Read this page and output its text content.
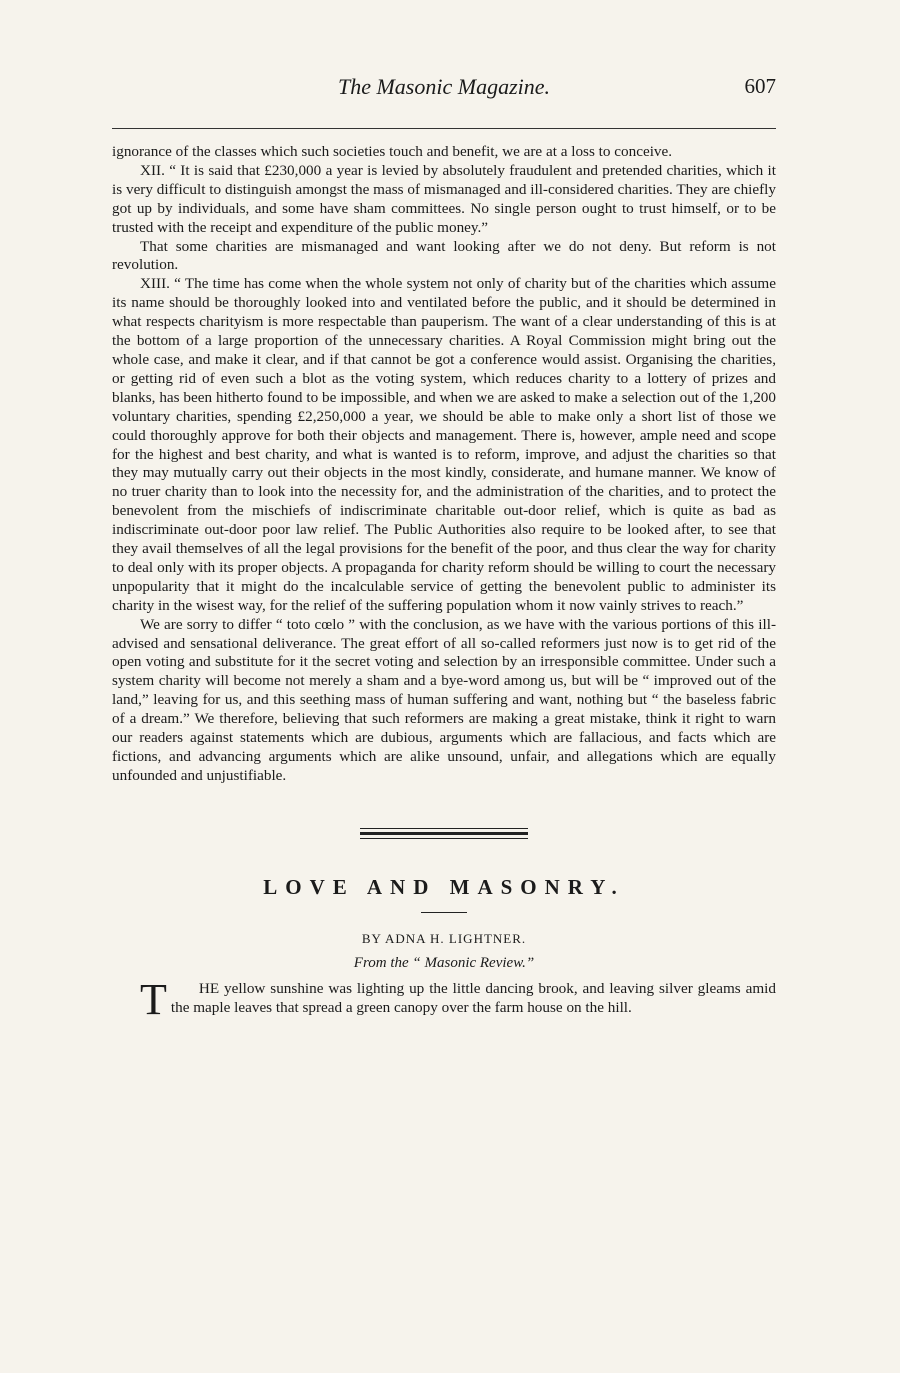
The Masonic Magazine.	607

ignorance of the classes which such societies touch and benefit, we are at a loss to conceive.

XII. “ It is said that £230,000 a year is levied by absolutely fraudulent and pretended charities, which it is very difficult to distinguish amongst the mass of mismanaged and ill-considered charities. They are chiefly got up by individuals, and some have sham committees. No single person ought to trust himself, or to be trusted with the receipt and expenditure of the public money.”

That some charities are mismanaged and want looking after we do not deny. But reform is not revolution.

XIII. “ The time has come when the whole system not only of charity but of the charities which assume its name should be thoroughly looked into and ventilated before the public, and it should be determined in what respects charityism is more respectable than pauperism. The want of a clear understanding of this is at the bottom of a large proportion of the unnecessary charities. A Royal Commission might bring out the whole case, and make it clear, and if that cannot be got a conference would assist. Organising the charities, or getting rid of even such a blot as the voting system, which reduces charity to a lottery of prizes and blanks, has been hitherto found to be impossible, and when we are asked to make a selection out of the 1,200 voluntary charities, spending £2,250,000 a year, we should be able to make only a short list of those we could thoroughly approve for both their objects and management. There is, however, ample need and scope for the highest and best charity, and what is wanted is to reform, improve, and adjust the charities so that they may mutually carry out their objects in the most kindly, considerate, and humane manner. We know of no truer charity than to look into the necessity for, and the administration of the charities, and to protect the benevolent from the mischiefs of indiscriminate charitable out-door relief, which is quite as bad as indiscriminate out-door poor law relief. The Public Authorities also require to be looked after, to see that they avail themselves of all the legal provisions for the benefit of the poor, and thus clear the way for charity to deal only with its proper objects. A propaganda for charity reform should be willing to court the necessary unpopularity that it might do the incalculable service of getting the benevolent public to administer its charity in the wisest way, for the relief of the suffering population whom it now vainly strives to reach.”

We are sorry to differ “ toto cœlo ” with the conclusion, as we have with the various portions of this ill-advised and sensational deliverance. The great effort of all so-called reformers just now is to get rid of the open voting and substitute for it the secret voting and selection by an irresponsible committee. Under such a system charity will become not merely a sham and a bye-word among us, but will be “ improved out of the land,” leaving for us, and this seething mass of human suffering and want, nothing but “ the baseless fabric of a dream.” We therefore, believing that such reformers are making a great mistake, think it right to warn our readers against statements which are dubious, arguments which are fallacious, and facts which are fictions, and advancing arguments which are alike unsound, unfair, and allegations which are equally unfounded and unjustifiable.

LOVE AND MASONRY.

BY ADNA H. LIGHTNER.

From the “ Masonic Review.”

T HE yellow sunshine was lighting up the little dancing brook, and leaving silver gleams amid the maple leaves that spread a green canopy over the farm house on the hill.
